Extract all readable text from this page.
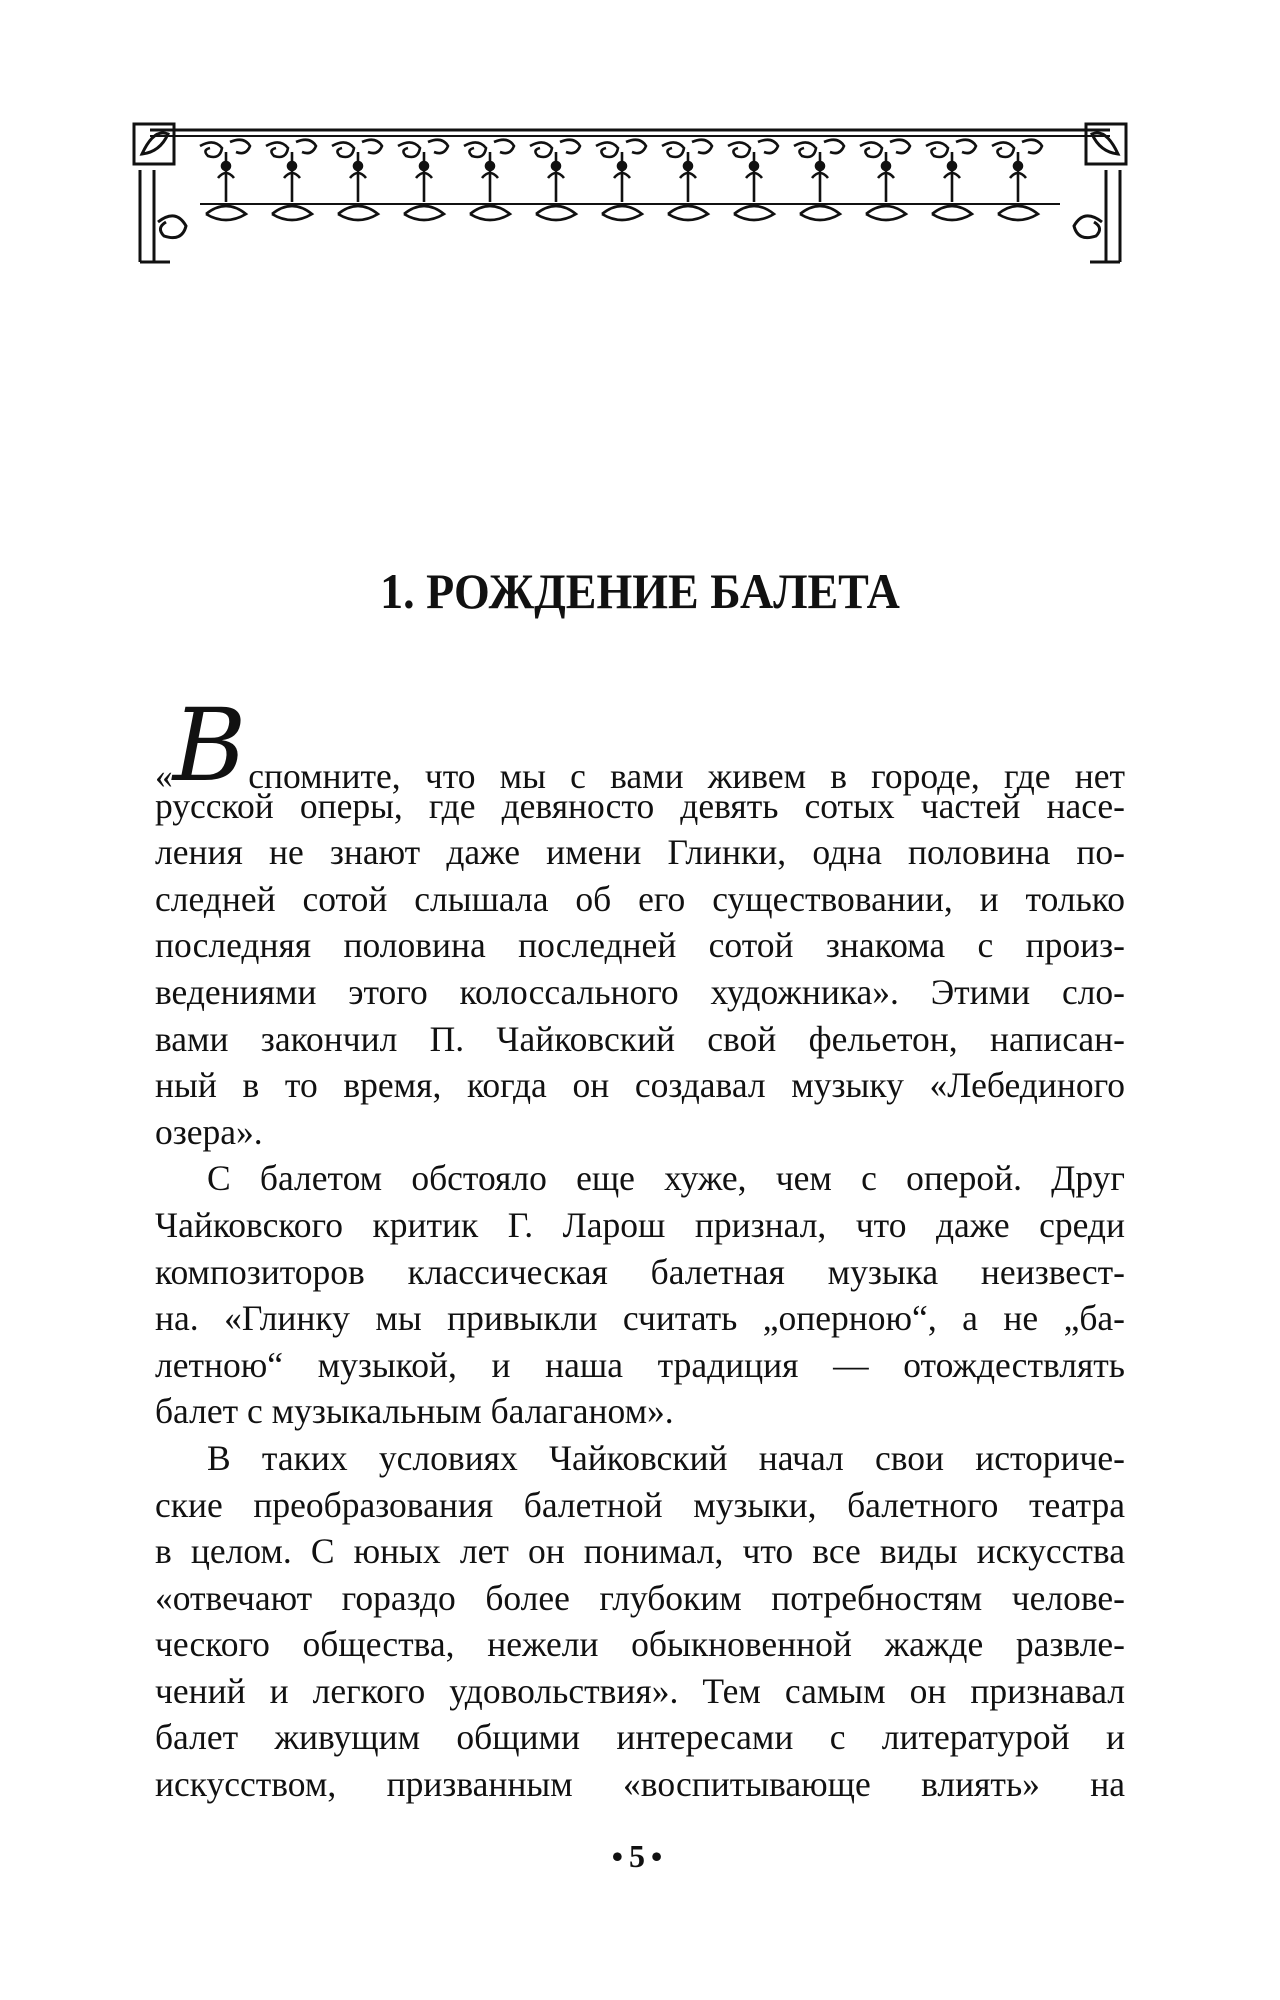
1. РОЖДЕНИЕ БАЛЕТА
«Вспомните, что мы с вами живем в городе, где нет
русской оперы, где девяносто девять сотых частей насе-
ления не знают даже имени Глинки, одна половина по-
следней сотой слышала об его существовании, и только
последняя половина последней сотой знакома с произ-
ведениями этого колоссального художника». Этими сло-
вами закончил П. Чайковский свой фельетон, написан-
ный в то время, когда он создавал музыку «Лебединого
озера».
С балетом обстояло еще хуже, чем с оперой. Друг
Чайковского критик Г. Ларош признал, что даже среди
композиторов классическая балетная музыка неизвест-
на. «Глинку мы привыкли считать „оперною“, а не „ба-
летною“ музыкой, и наша традиция — отождествлять
балет с музыкальным балаганом».
В таких условиях Чайковский начал свои историче-
ские преобразования балетной музыки, балетного театра
в целом. С юных лет он понимал, что все виды искусства
«отвечают гораздо более глубоким потребностям челове-
ческого общества, нежели обыкновенной жажде развле-
чений и легкого удовольствия». Тем самым он признавал
балет живущим общими интересами с литературой и
искусством, призванным «воспитывающе влиять» на

•5•
